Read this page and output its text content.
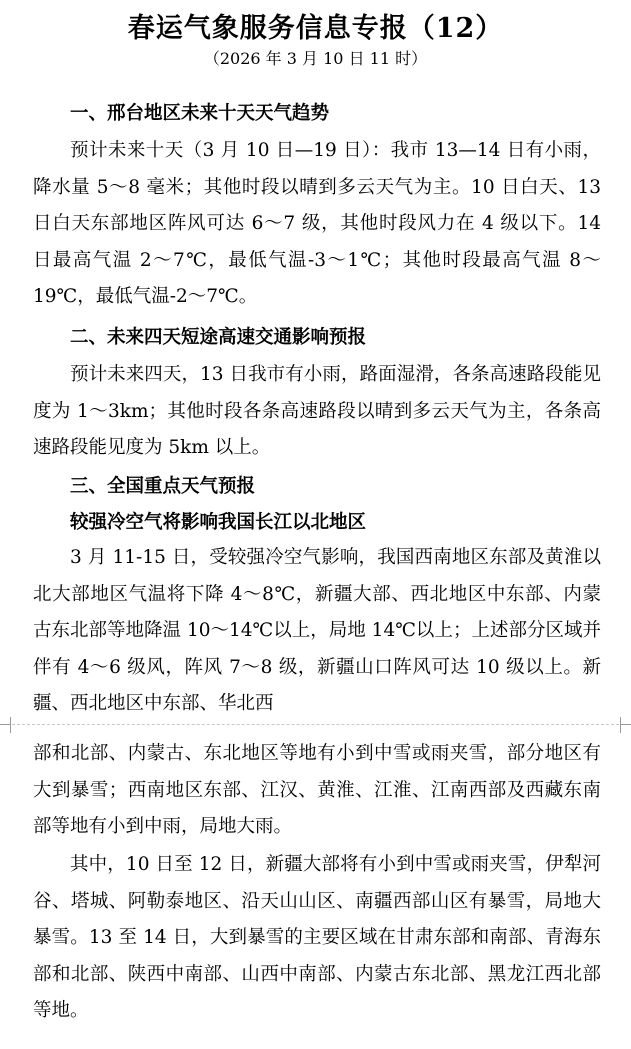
春运气象服务信息专报（12）
（2026 年 3 月 10 日 11 时）

一、邢台地区未来十天天气趋势

预计未来十天（3 月 10 日—19 日）：我市 13—14 日有小雨，降水量 5～8 毫米；其他时段以晴到多云天气为主。10 日白天、13 日白天东部地区阵风可达 6～7 级，其他时段风力在 4 级以下。14 日最高气温 2～7℃，最低气温-3～1℃；其他时段最高气温 8～19℃，最低气温-2～7℃。

二、未来四天短途高速交通影响预报

预计未来四天，13 日我市有小雨，路面湿滑，各条高速路段能见度为 1～3km；其他时段各条高速路段以晴到多云天气为主，各条高速路段能见度为 5km 以上。

三、全国重点天气预报

较强冷空气将影响我国长江以北地区

3 月 11-15 日，受较强冷空气影响，我国西南地区东部及黄淮以北大部地区气温将下降 4～8℃，新疆大部、西北地区中东部、内蒙古东北部等地降温 10～14℃以上，局地 14℃以上；上述部分区域并伴有 4～6 级风，阵风 7～8 级，新疆山口阵风可达 10 级以上。新疆、西北地区中东部、华北西

部和北部、内蒙古、东北地区等地有小到中雪或雨夹雪，部分地区有大到暴雪；西南地区东部、江汉、黄淮、江淮、江南西部及西藏东南部等地有小到中雨，局地大雨。

其中，10 日至 12 日，新疆大部将有小到中雪或雨夹雪，伊犁河谷、塔城、阿勒泰地区、沿天山山区、南疆西部山区有暴雪，局地大暴雪。13 至 14 日，大到暴雪的主要区域在甘肃东部和南部、青海东部和北部、陕西中南部、山西中南部、内蒙古东北部、黑龙江西北部等地。
